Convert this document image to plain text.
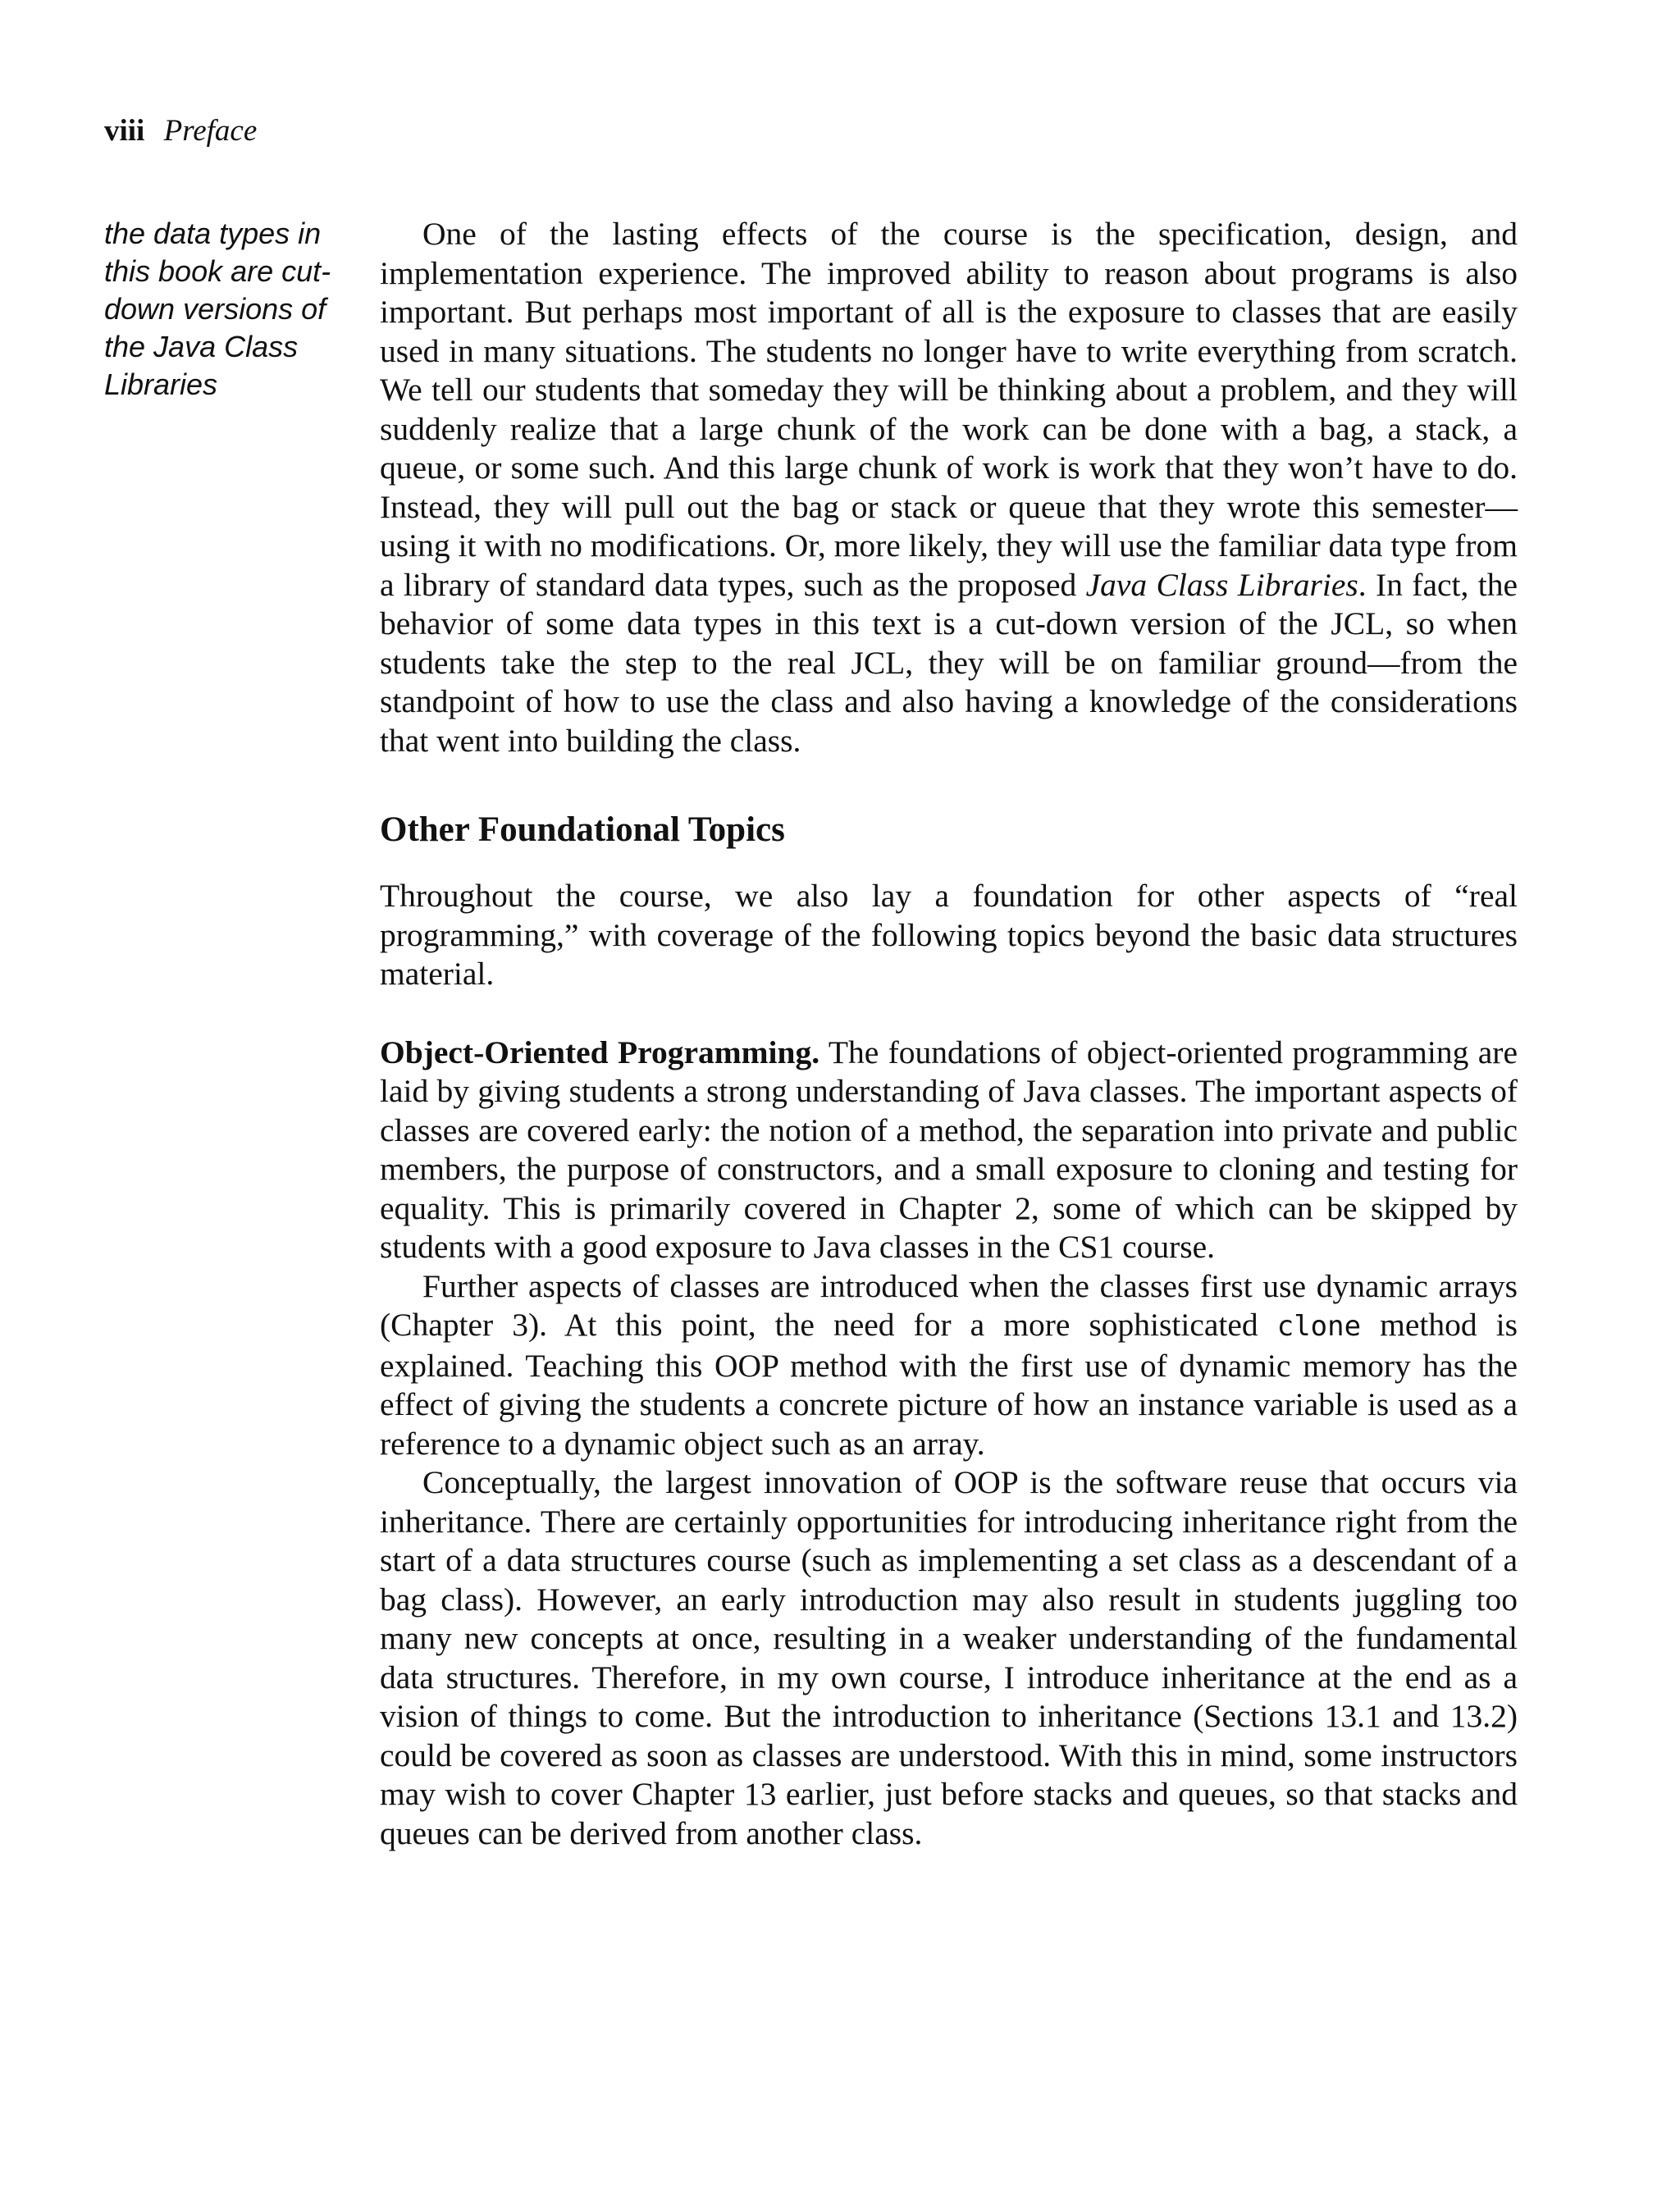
viii Preface
the data types in this book are cut-down versions of the Java Class Libraries

One of the lasting effects of the course is the specification, design, and implementation experience. The improved ability to reason about programs is also important. But perhaps most important of all is the exposure to classes that are easily used in many situations. The students no longer have to write everything from scratch. We tell our students that someday they will be thinking about a problem, and they will suddenly realize that a large chunk of the work can be done with a bag, a stack, a queue, or some such. And this large chunk of work is work that they won’t have to do. Instead, they will pull out the bag or stack or queue that they wrote this semester—using it with no modifications. Or, more likely, they will use the familiar data type from a library of standard data types, such as the proposed Java Class Libraries. In fact, the behavior of some data types in this text is a cut-down version of the JCL, so when students take the step to the real JCL, they will be on familiar ground—from the standpoint of how to use the class and also having a knowledge of the considerations that went into building the class.

Other Foundational Topics

Throughout the course, we also lay a foundation for other aspects of “real programming,” with coverage of the following topics beyond the basic data structures material.

Object-Oriented Programming. The foundations of object-oriented programming are laid by giving students a strong understanding of Java classes. The important aspects of classes are covered early: the notion of a method, the separation into private and public members, the purpose of constructors, and a small exposure to cloning and testing for equality. This is primarily covered in Chapter 2, some of which can be skipped by students with a good exposure to Java classes in the CS1 course.

Further aspects of classes are introduced when the classes first use dynamic arrays (Chapter 3). At this point, the need for a more sophisticated clone method is explained. Teaching this OOP method with the first use of dynamic memory has the effect of giving the students a concrete picture of how an instance variable is used as a reference to a dynamic object such as an array.

Conceptually, the largest innovation of OOP is the software reuse that occurs via inheritance. There are certainly opportunities for introducing inheritance right from the start of a data structures course (such as implementing a set class as a descendant of a bag class). However, an early introduction may also result in students juggling too many new concepts at once, resulting in a weaker understanding of the fundamental data structures. Therefore, in my own course, I introduce inheritance at the end as a vision of things to come. But the introduction to inheritance (Sections 13.1 and 13.2) could be covered as soon as classes are understood. With this in mind, some instructors may wish to cover Chapter 13 earlier, just before stacks and queues, so that stacks and queues can be derived from another class.
